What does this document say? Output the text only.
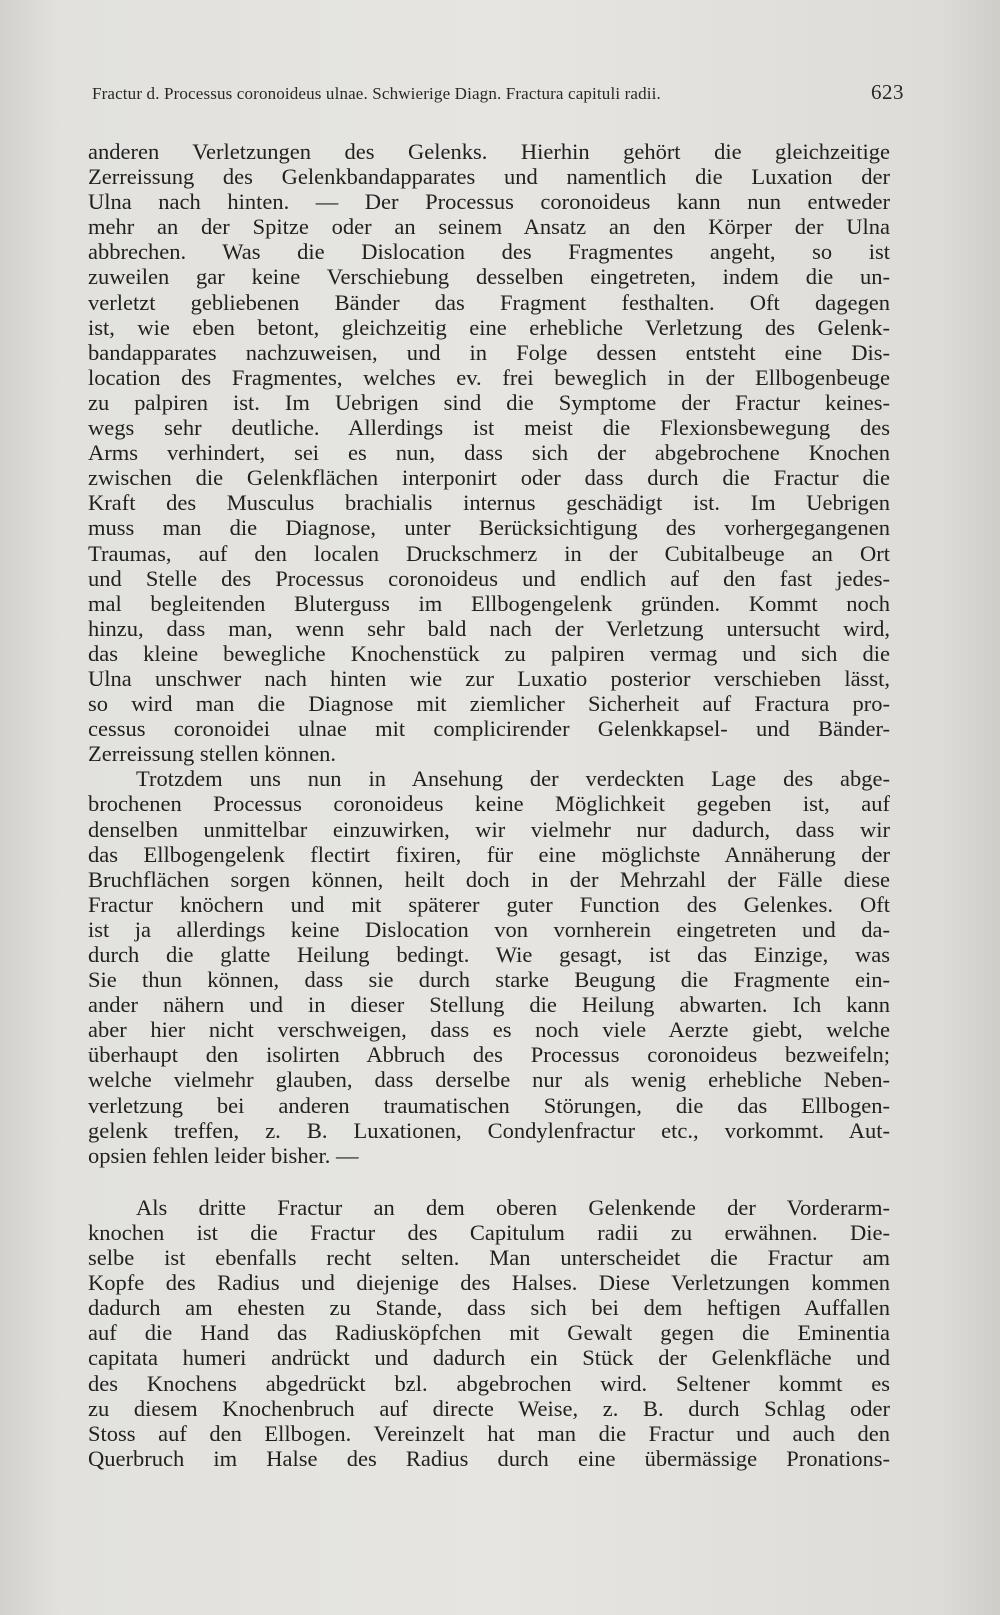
Fractur d. Processus coronoideus ulnae. Schwierige Diagn. Fractura capituli radii.	623
anderen Verletzungen des Gelenks. Hierhin gehört die gleichzeitige
Zerreissung des Gelenkbandapparates und namentlich die Luxation der
Ulna nach hinten. — Der Processus coronoideus kann nun entweder
mehr an der Spitze oder an seinem Ansatz an den Körper der Ulna
abbrechen. Was die Dislocation des Fragmentes angeht, so ist
zuweilen gar keine Verschiebung desselben eingetreten, indem die un-
verletzt gebliebenen Bänder das Fragment festhalten. Oft dagegen
ist, wie eben betont, gleichzeitig eine erhebliche Verletzung des Gelenk-
bandapparates nachzuweisen, und in Folge dessen entsteht eine Dis-
location des Fragmentes, welches ev. frei beweglich in der Ellbogenbeuge
zu palpiren ist. Im Uebrigen sind die Symptome der Fractur keines-
wegs sehr deutliche. Allerdings ist meist die Flexionsbewegung des
Arms verhindert, sei es nun, dass sich der abgebrochene Knochen
zwischen die Gelenkflächen interponirt oder dass durch die Fractur die
Kraft des Musculus brachialis internus geschädigt ist. Im Uebrigen
muss man die Diagnose, unter Berücksichtigung des vorhergegangenen
Traumas, auf den localen Druckschmerz in der Cubitalbeuge an Ort
und Stelle des Processus coronoideus und endlich auf den fast jedes-
mal begleitenden Bluterguss im Ellbogengelenk gründen. Kommt noch
hinzu, dass man, wenn sehr bald nach der Verletzung untersucht wird,
das kleine bewegliche Knochenstück zu palpiren vermag und sich die
Ulna unschwer nach hinten wie zur Luxatio posterior verschieben lässt,
so wird man die Diagnose mit ziemlicher Sicherheit auf Fractura pro-
cessus coronoidei ulnae mit complicirender Gelenkkapsel- und Bänder-
Zerreissung stellen können.
Trotzdem uns nun in Ansehung der verdeckten Lage des abge-
brochenen Processus coronoideus keine Möglichkeit gegeben ist, auf
denselben unmittelbar einzuwirken, wir vielmehr nur dadurch, dass wir
das Ellbogengelenk flectirt fixiren, für eine möglichste Annäherung der
Bruchflächen sorgen können, heilt doch in der Mehrzahl der Fälle diese
Fractur knöchern und mit späterer guter Function des Gelenkes. Oft
ist ja allerdings keine Dislocation von vornherein eingetreten und da-
durch die glatte Heilung bedingt. Wie gesagt, ist das Einzige, was
Sie thun können, dass sie durch starke Beugung die Fragmente ein-
ander nähern und in dieser Stellung die Heilung abwarten. Ich kann
aber hier nicht verschweigen, dass es noch viele Aerzte giebt, welche
überhaupt den isolirten Abbruch des Processus coronoideus bezweifeln;
welche vielmehr glauben, dass derselbe nur als wenig erhebliche Neben-
verletzung bei anderen traumatischen Störungen, die das Ellbogen-
gelenk treffen, z. B. Luxationen, Condylenfractur etc., vorkommt. Aut-
opsien fehlen leider bisher. —
Als dritte Fractur an dem oberen Gelenkende der Vorderarm-
knochen ist die Fractur des Capitulum radii zu erwähnen. Die-
selbe ist ebenfalls recht selten. Man unterscheidet die Fractur am
Kopfe des Radius und diejenige des Halses. Diese Verletzungen kommen
dadurch am ehesten zu Stande, dass sich bei dem heftigen Auffallen
auf die Hand das Radiusköpfchen mit Gewalt gegen die Eminentia
capitata humeri andrückt und dadurch ein Stück der Gelenkfläche und
des Knochens abgedrückt bzl. abgebrochen wird. Seltener kommt es
zu diesem Knochenbruch auf directe Weise, z. B. durch Schlag oder
Stoss auf den Ellbogen. Vereinzelt hat man die Fractur und auch den
Querbruch im Halse des Radius durch eine übermässige Pronations-
